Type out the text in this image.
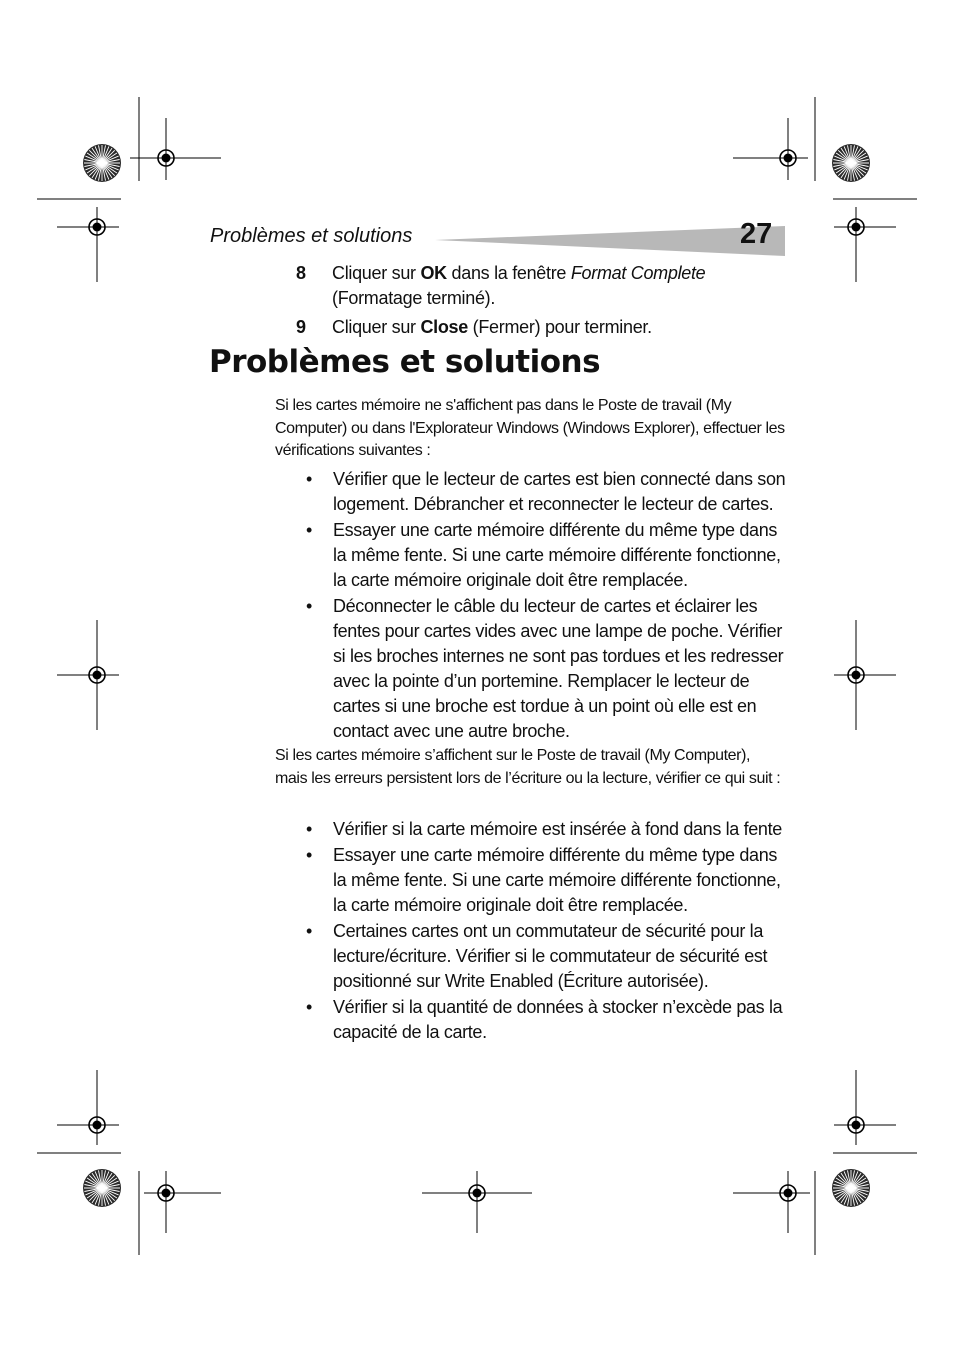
Problèmes et solutions	27
8 Cliquer sur OK dans la fenêtre Format Complete (Formatage terminé).
9 Cliquer sur Close (Fermer) pour terminer.
Problèmes et solutions
Si les cartes mémoire ne s'affichent pas dans le Poste de travail (My Computer) ou dans l'Explorateur Windows (Windows Explorer), effectuer les vérifications suivantes :
• Vérifier que le lecteur de cartes est bien connecté dans son logement. Débrancher et reconnecter le lecteur de cartes.
• Essayer une carte mémoire différente du même type dans la même fente. Si une carte mémoire différente fonctionne, la carte mémoire originale doit être remplacée.
• Déconnecter le câble du lecteur de cartes et éclairer les fentes pour cartes vides avec une lampe de poche. Vérifier si les broches internes ne sont pas tordues et les redresser avec la pointe d’un portemine. Remplacer le lecteur de cartes si une broche est tordue à un point où elle est en contact avec une autre broche.
Si les cartes mémoire s’affichent sur le Poste de travail (My Computer), mais les erreurs persistent lors de l’écriture ou la lecture, vérifier ce qui suit :
• Vérifier si la carte mémoire est insérée à fond dans la fente
• Essayer une carte mémoire différente du même type dans la même fente. Si une carte mémoire différente fonctionne, la carte mémoire originale doit être remplacée.
• Certaines cartes ont un commutateur de sécurité pour la lecture/écriture. Vérifier si le commutateur de sécurité est positionné sur Write Enabled (Écriture autorisée).
• Vérifier si la quantité de données à stocker n’excède pas la capacité de la carte.
